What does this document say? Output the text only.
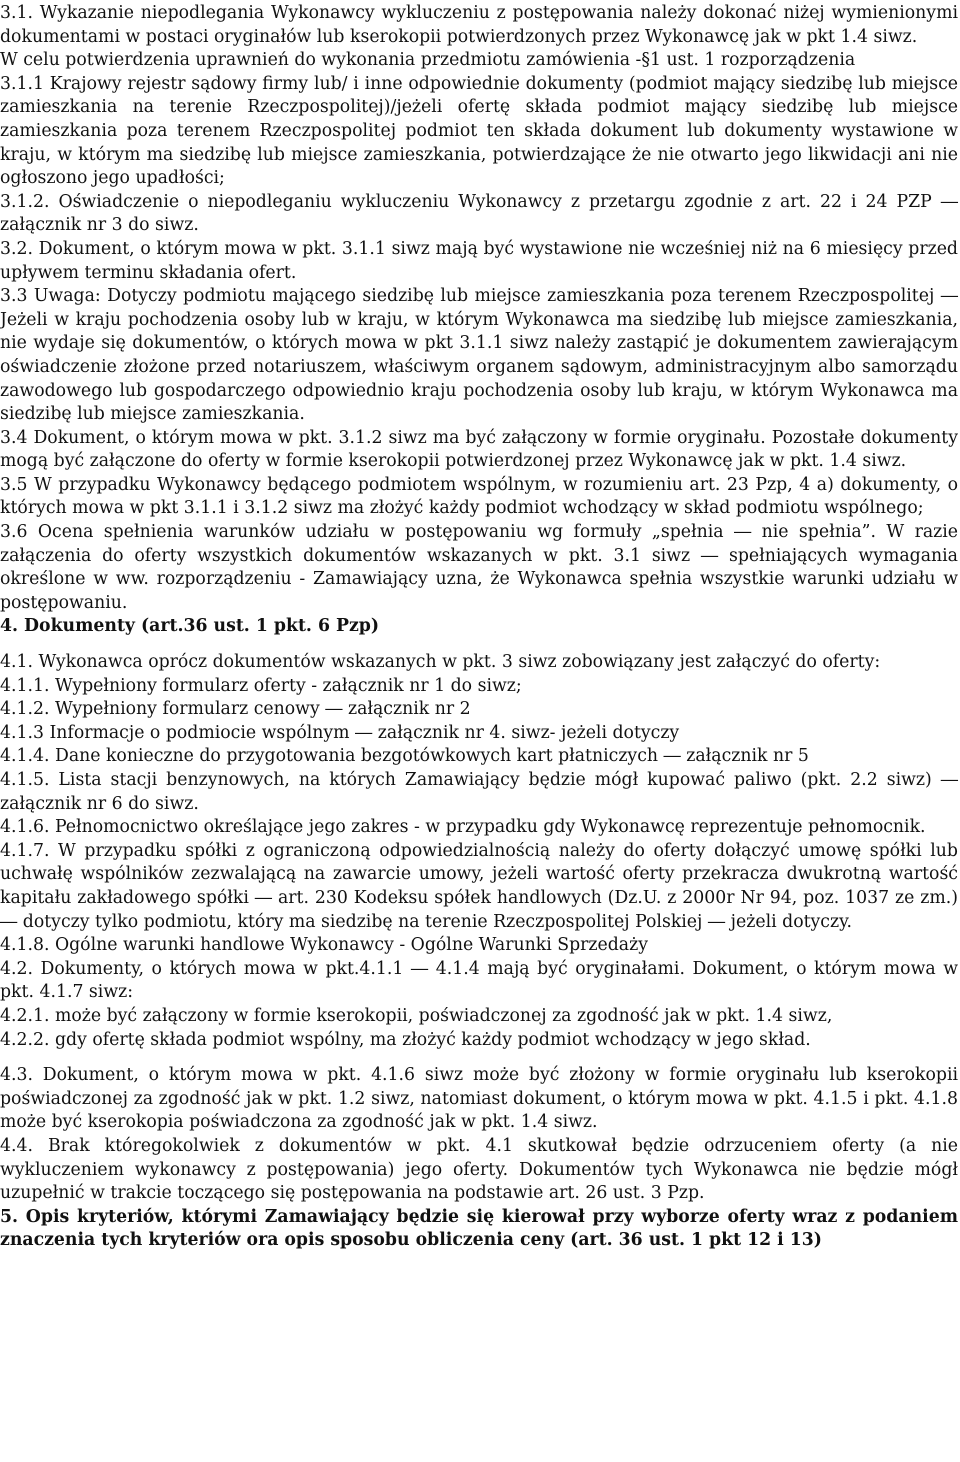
3.1. Wykazanie niepodlegania Wykonawcy wykluczeniu z postępowania należy dokonać niżej wymienionymi dokumentami w postaci oryginałów lub kserokopii potwierdzonych przez Wykonawcę jak w pkt 1.4 siwz.

W celu potwierdzenia uprawnień do wykonania przedmiotu zamówienia -§1 ust. 1 rozporządzenia

3.1.1 Krajowy rejestr sądowy firmy lub/ i inne odpowiednie dokumenty (podmiot mający siedzibę lub miejsce zamieszkania na terenie Rzeczpospolitej)/jeżeli ofertę składa podmiot mający siedzibę lub miejsce zamieszkania poza terenem Rzeczpospolitej podmiot ten składa dokument lub dokumenty wystawione w kraju, w którym ma siedzibę lub miejsce zamieszkania, potwierdzające że nie otwarto jego likwidacji ani nie ogłoszono jego upadłości;

3.1.2. Oświadczenie o niepodleganiu wykluczeniu Wykonawcy z przetargu zgodnie z art. 22 i 24 PZP ― załącznik nr 3 do siwz.

3.2. Dokument, o którym mowa w pkt. 3.1.1 siwz mają być wystawione nie wcześniej niż na 6 miesięcy przed upływem terminu składania ofert.

3.3 Uwaga: Dotyczy podmiotu mającego siedzibę lub miejsce zamieszkania poza terenem Rzeczpospolitej ― Jeżeli w kraju pochodzenia osoby lub w kraju, w którym Wykonawca ma siedzibę lub miejsce zamieszkania, nie wydaje się dokumentów, o których mowa w pkt 3.1.1 siwz należy zastąpić je dokumentem zawierającym oświadczenie złożone przed notariuszem, właściwym organem sądowym, administracyjnym albo samorządu zawodowego lub gospodarczego odpowiednio kraju pochodzenia osoby lub kraju, w którym Wykonawca ma siedzibę lub miejsce zamieszkania.

3.4 Dokument, o którym mowa w pkt. 3.1.2 siwz ma być załączony w formie oryginału. Pozostałe dokumenty mogą być załączone do oferty w formie kserokopii potwierdzonej przez Wykonawcę jak w pkt. 1.4 siwz.

3.5 W przypadku Wykonawcy będącego podmiotem wspólnym, w rozumieniu art. 23 Pzp, 4 a) dokumenty, o których mowa w pkt 3.1.1 i 3.1.2 siwz ma złożyć każdy podmiot wchodzący w skład podmiotu wspólnego;

3.6 Ocena spełnienia warunków udziału w postępowaniu wg formuły „spełnia ― nie spełnia”. W razie załączenia do oferty wszystkich dokumentów wskazanych w pkt. 3.1 siwz ― spełniających wymagania określone w ww. rozporządzeniu - Zamawiający uzna, że Wykonawca spełnia wszystkie warunki udziału w postępowaniu.

4. Dokumenty (art.36 ust. 1 pkt. 6 Pzp)

4.1. Wykonawca oprócz dokumentów wskazanych w pkt. 3 siwz zobowiązany jest załączyć do oferty:

4.1.1. Wypełniony formularz oferty - załącznik nr 1 do siwz;

4.1.2. Wypełniony formularz cenowy ― załącznik nr 2

4.1.3 Informacje o podmiocie wspólnym ― załącznik nr 4. siwz- jeżeli dotyczy

4.1.4. Dane konieczne do przygotowania bezgotówkowych kart płatniczych ― załącznik nr 5

4.1.5. Lista stacji benzynowych, na których Zamawiający będzie mógł kupować paliwo (pkt. 2.2 siwz) ― załącznik nr 6 do siwz.

4.1.6. Pełnomocnictwo określające jego zakres - w przypadku gdy Wykonawcę reprezentuje pełnomocnik.

4.1.7. W przypadku spółki z ograniczoną odpowiedzialnością należy do oferty dołączyć umowę spółki lub uchwałę wspólników zezwalającą na zawarcie umowy, jeżeli wartość oferty przekracza dwukrotną wartość kapitału zakładowego spółki ― art. 230 Kodeksu spółek handlowych (Dz.U. z 2000r Nr 94, poz. 1037 ze zm.) ― dotyczy tylko podmiotu, który ma siedzibę na terenie Rzeczpospolitej Polskiej ― jeżeli dotyczy.

4.1.8. Ogólne warunki handlowe Wykonawcy - Ogólne Warunki Sprzedaży

4.2. Dokumenty, o których mowa w pkt.4.1.1 ― 4.1.4 mają być oryginałami. Dokument, o którym mowa w pkt. 4.1.7 siwz:

4.2.1. może być załączony w formie kserokopii, poświadczonej za zgodność jak w pkt. 1.4 siwz,

4.2.2. gdy ofertę składa podmiot wspólny, ma złożyć każdy podmiot wchodzący w jego skład.

4.3. Dokument, o którym mowa w pkt. 4.1.6 siwz może być złożony w formie oryginału lub kserokopii poświadczonej za zgodność jak w pkt. 1.2 siwz, natomiast dokument, o którym mowa w pkt. 4.1.5 i pkt. 4.1.8 może być kserokopia poświadczona za zgodność jak w pkt. 1.4 siwz.

4.4. Brak któregokolwiek z dokumentów w pkt. 4.1 skutkował będzie odrzuceniem oferty (a nie wykluczeniem wykonawcy z postępowania) jego oferty. Dokumentów tych Wykonawca nie będzie mógł uzupełnić w trakcie toczącego się postępowania na podstawie art. 26 ust. 3 Pzp.

5. Opis kryteriów, którymi Zamawiający będzie się kierował przy wyborze oferty wraz z podaniem znaczenia tych kryteriów ora opis sposobu obliczenia ceny (art. 36 ust. 1 pkt 12 i 13)
